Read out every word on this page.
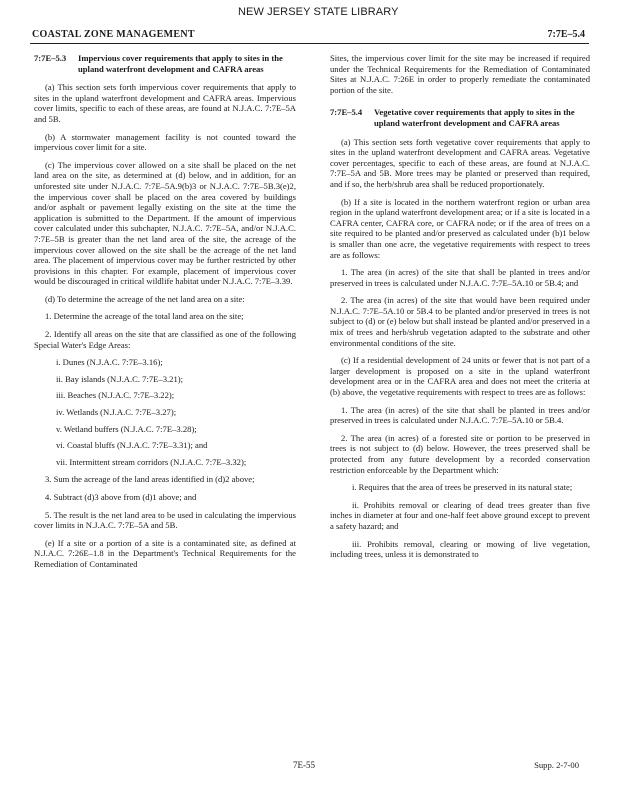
NEW JERSEY STATE LIBRARY
COASTAL ZONE MANAGEMENT	7:7E–5.4
7:7E–5.3	Impervious cover requirements that apply to sites in the upland waterfront development and CAFRA areas

(a) This section sets forth impervious cover requirements that apply to sites in the upland waterfront development and CAFRA areas. Impervious cover limits, specific to each of these areas, are found at N.J.A.C. 7:7E–5A and 5B.

(b) A stormwater management facility is not counted toward the impervious cover limit for a site.

(c) The impervious cover allowed on a site shall be placed on the net land area on the site, as determined at (d) below, and in addition, for an unforested site under N.J.A.C. 7:7E–5A.9(b)3 or N.J.A.C. 7:7E–5B.3(e)2, the impervious cover shall be placed on the area covered by buildings and/or asphalt or pavement legally existing on the site at the time the application is submitted to the Department. If the amount of impervious cover calculated under this subchapter, N.J.A.C. 7:7E–5A, and/or N.J.A.C. 7:7E–5B is greater than the net land area of the site, the acreage of the impervious cover allowed on the site shall be the acreage of the net land area. The placement of impervious cover may be further restricted by other provisions in this chapter. For example, placement of impervious cover would be discouraged in critical wildlife habitat under N.J.A.C. 7:7E–3.39.

(d) To determine the acreage of the net land area on a site:

1. Determine the acreage of the total land area on the site;

2. Identify all areas on the site that are classified as one of the following Special Water's Edge Areas:

i. Dunes (N.J.A.C. 7:7E–3.16);

ii. Bay islands (N.J.A.C. 7:7E–3.21);

iii. Beaches (N.J.A.C. 7:7E–3.22);

iv. Wetlands (N.J.A.C. 7:7E–3.27);

v. Wetland buffers (N.J.A.C. 7:7E–3.28);

vi. Coastal bluffs (N.J.A.C. 7:7E–3.31); and

vii. Intermittent stream corridors (N.J.A.C. 7:7E–3.32);

3. Sum the acreage of the land areas identified in (d)2 above;

4. Subtract (d)3 above from (d)1 above; and

5. The result is the net land area to be used in calculating the impervious cover limits in N.J.A.C. 7:7E–5A and 5B.

(e) If a site or a portion of a site is a contaminated site, as defined at N.J.A.C. 7:26E–1.8 in the Department's Technical Requirements for the Remediation of Contaminated

Sites, the impervious cover limit for the site may be increased if required under the Technical Requirements for the Remediation of Contaminated Sites at N.J.A.C. 7:26E in order to properly remediate the contaminated portion of the site.

7:7E–5.4	Vegetative cover requirements that apply to sites in the upland waterfront development and CAFRA areas

(a) This section sets forth vegetative cover requirements that apply to sites in the upland waterfront development and CAFRA areas. Vegetative cover percentages, specific to each of these areas, are found at N.J.A.C. 7:7E–5A and 5B. More trees may be planted or preserved than required, and if so, the herb/shrub area shall be reduced proportionately.

(b) If a site is located in the northern waterfront region or urban area region in the upland waterfront development area; or if a site is located in a CAFRA center, CAFRA core, or CAFRA node; or if the area of trees on a site required to be planted and/or preserved as calculated under (b)1 below is smaller than one acre, the vegetative requirements with respect to trees are as follows:

1. The area (in acres) of the site that shall be planted in trees and/or preserved in trees is calculated under N.J.A.C. 7:7E–5A.10 or 5B.4; and

2. The area (in acres) of the site that would have been required under N.J.A.C. 7:7E–5A.10 or 5B.4 to be planted and/or preserved in trees is not subject to (d) or (e) below but shall instead be planted and/or preserved in a mix of trees and herb/shrub vegetation adapted to the substrate and other environmental conditions of the site.

(c) If a residential development of 24 units or fewer that is not part of a larger development is proposed on a site in the upland waterfront development area or in the CAFRA area and does not meet the criteria at (b) above, the vegetative requirements with respect to trees are as follows:

1. The area (in acres) of the site that shall be planted in trees and/or preserved in trees is calculated under N.J.A.C. 7:7E–5A.10 or 5B.4.

2. The area (in acres) of a forested site or portion to be preserved in trees is not subject to (d) below. However, the trees preserved shall be protected from any future development by a recorded conservation restriction enforceable by the Department which:

i. Requires that the area of trees be preserved in its natural state;

ii. Prohibits removal or clearing of dead trees greater than five inches in diameter at four and one-half feet above ground except to prevent a safety hazard; and

iii. Prohibits removal, clearing or mowing of live vegetation, including trees, unless it is demonstrated to

7E-55	Supp. 2-7-00
